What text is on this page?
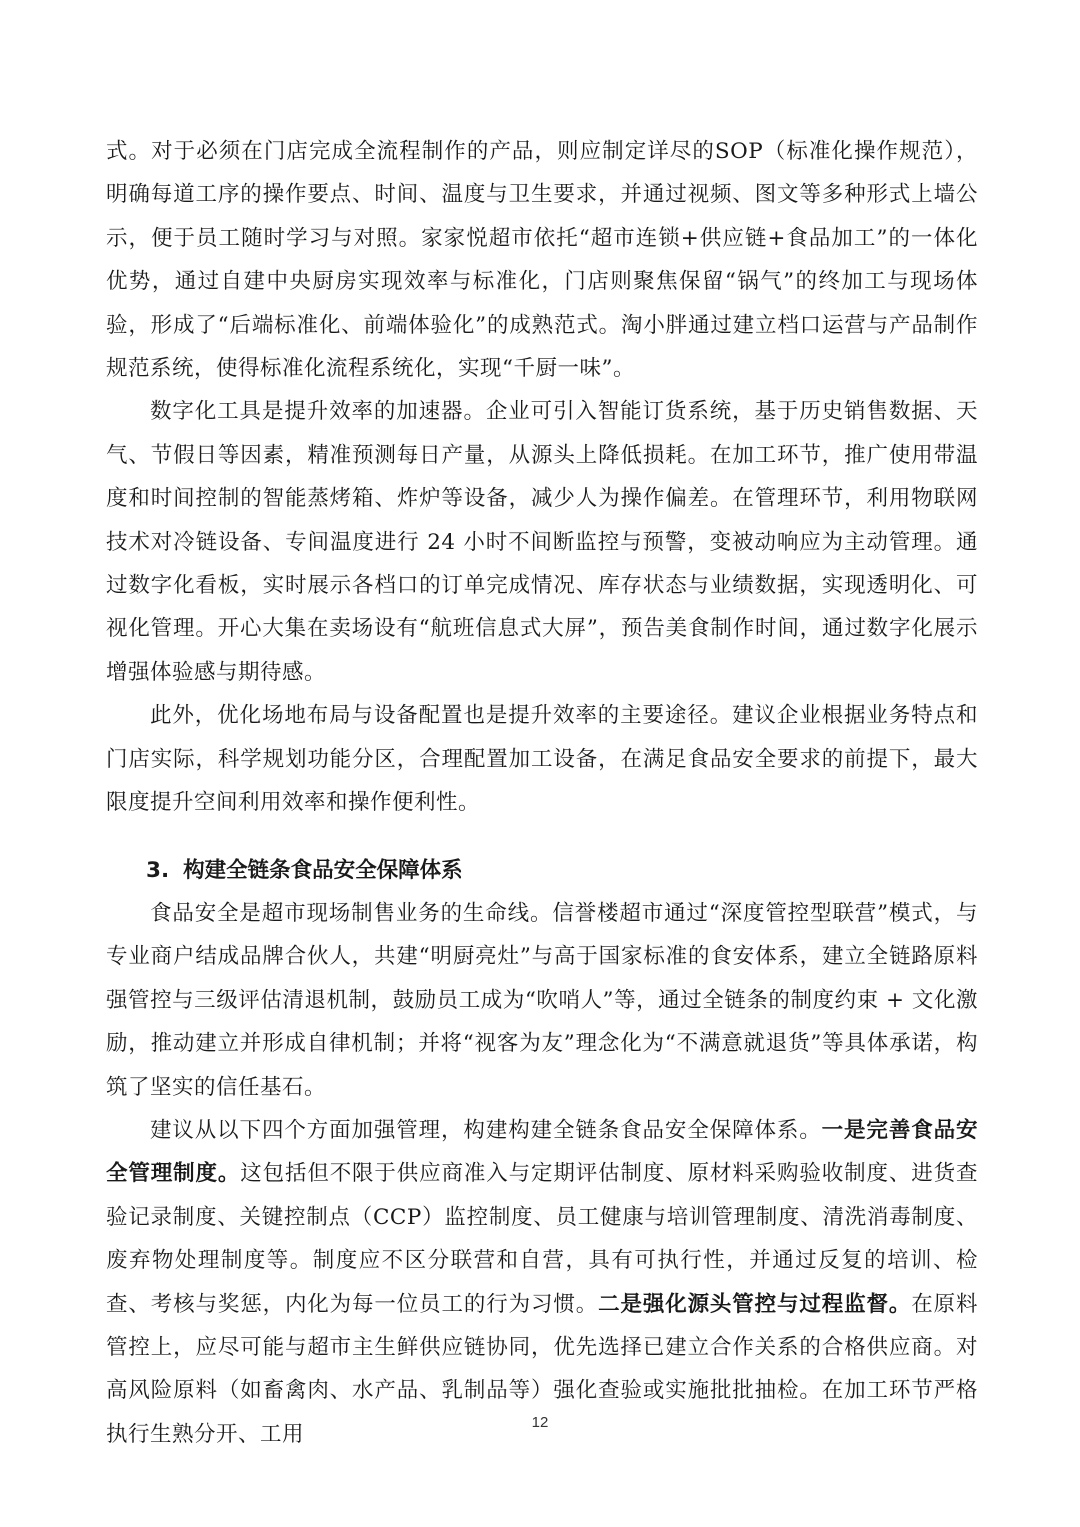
式。对于必须在门店完成全流程制作的产品，则应制定详尽的SOP（标准化操作规范），明确每道工序的操作要点、时间、温度与卫生要求，并通过视频、图文等多种形式上墙公示，便于员工随时学习与对照。家家悦超市依托“超市连锁+供应链+食品加工”的一体化优势，通过自建中央厨房实现效率与标准化，门店则聚焦保留“锅气”的终加工与现场体验，形成了“后端标准化、前端体验化”的成熟范式。淘小胖通过建立档口运营与产品制作规范系统，使得标准化流程系统化，实现“千厨一味”。

数字化工具是提升效率的加速器。企业可引入智能订货系统，基于历史销售数据、天气、节假日等因素，精准预测每日产量，从源头上降低损耗。在加工环节，推广使用带温度和时间控制的智能蒸烤箱、炸炉等设备，减少人为操作偏差。在管理环节，利用物联网技术对冷链设备、专间温度进行 24 小时不间断监控与预警，变被动响应为主动管理。通过数字化看板，实时展示各档口的订单完成情况、库存状态与业绩数据，实现透明化、可视化管理。开心大集在卖场设有“航班信息式大屏”，预告美食制作时间，通过数字化展示增强体验感与期待感。

此外，优化场地布局与设备配置也是提升效率的主要途径。建议企业根据业务特点和门店实际，科学规划功能分区，合理配置加工设备，在满足食品安全要求的前提下，最大限度提升空间利用效率和操作便利性。

3. 构建全链条食品安全保障体系

食品安全是超市现场制售业务的生命线。信誉楼超市通过“深度管控型联营”模式，与专业商户结成品牌合伙人，共建“明厨亮灶”与高于国家标准的食安体系，建立全链路原料强管控与三级评估清退机制，鼓励员工成为“吹哨人”等，通过全链条的制度约束 + 文化激励，推动建立并形成自律机制；并将“视客为友”理念化为“不满意就退货”等具体承诺，构筑了坚实的信任基石。

建议从以下四个方面加强管理，构建构建全链条食品安全保障体系。一是完善食品安全管理制度。这包括但不限于供应商准入与定期评估制度、原材料采购验收制度、进货查验记录制度、关键控制点（CCP）监控制度、员工健康与培训管理制度、清洗消毒制度、废弃物处理制度等。制度应不区分联营和自营，具有可执行性，并通过反复的培训、检查、考核与奖惩，内化为每一位员工的行为习惯。二是强化源头管控与过程监督。在原料管控上，应尽可能与超市主生鲜供应链协同，优先选择已建立合作关系的合格供应商。对高风险原料（如畜禽肉、水产品、乳制品等）强化查验或实施批批抽检。在加工环节严格执行生熟分开、工用	12
